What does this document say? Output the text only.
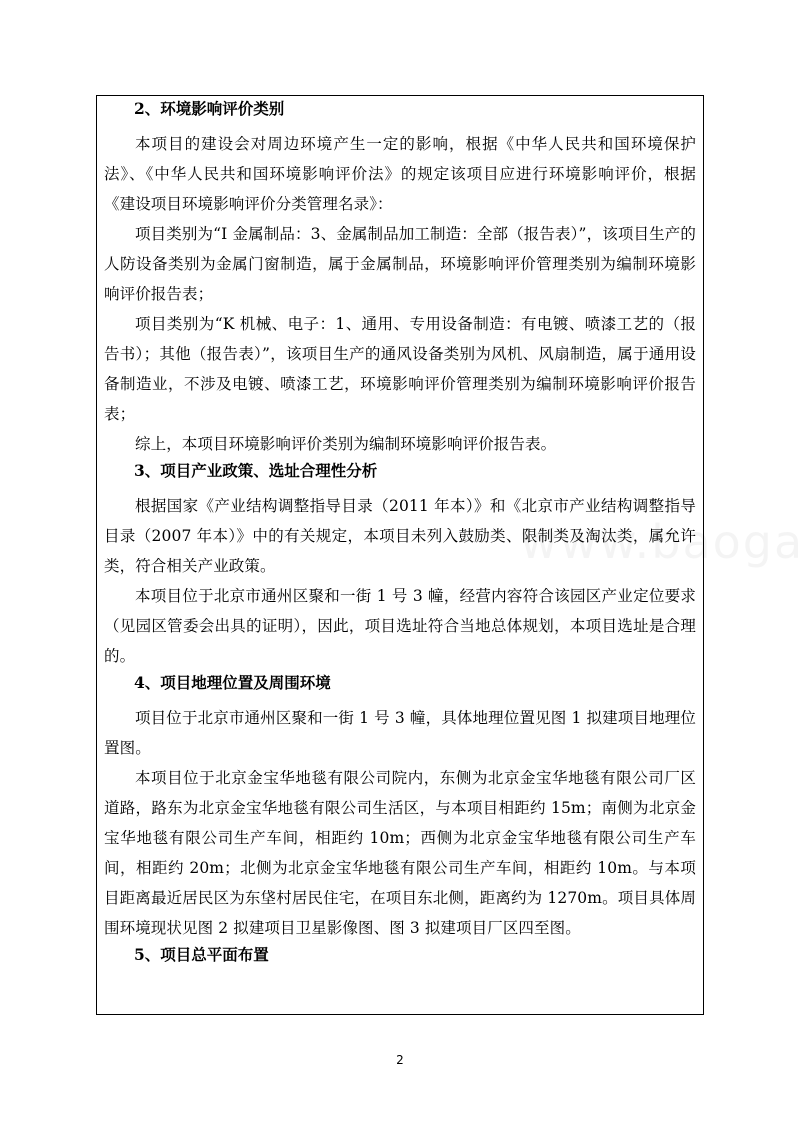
2、环境影响评价类别

本项目的建设会对周边环境产生一定的影响，根据《中华人民共和国环境保护法》、《中华人民共和国环境影响评价法》的规定该项目应进行环境影响评价，根据《建设项目环境影响评价分类管理名录》：

项目类别为“I 金属制品：3、金属制品加工制造：全部（报告表）”，该项目生产的人防设备类别为金属门窗制造，属于金属制品，环境影响评价管理类别为编制环境影响评价报告表；

项目类别为“K 机械、电子：1、通用、专用设备制造：有电镀、喷漆工艺的（报告书）；其他（报告表）”，该项目生产的通风设备类别为风机、风扇制造，属于通用设备制造业，不涉及电镀、喷漆工艺，环境影响评价管理类别为编制环境影响评价报告表；

综上，本项目环境影响评价类别为编制环境影响评价报告表。

3、项目产业政策、选址合理性分析

根据国家《产业结构调整指导目录（2011 年本）》和《北京市产业结构调整指导目录（2007 年本）》中的有关规定，本项目未列入鼓励类、限制类及淘汰类，属允许类，符合相关产业政策。

本项目位于北京市通州区聚和一街 1 号 3 幢，经营内容符合该园区产业定位要求（见园区管委会出具的证明），因此，项目选址符合当地总体规划，本项目选址是合理的。

4、项目地理位置及周围环境

项目位于北京市通州区聚和一街 1 号 3 幢，具体地理位置见图 1 拟建项目地理位置图。

本项目位于北京金宝华地毯有限公司院内，东侧为北京金宝华地毯有限公司厂区道路，路东为北京金宝华地毯有限公司生活区，与本项目相距约 15m；南侧为北京金宝华地毯有限公司生产车间，相距约 10m；西侧为北京金宝华地毯有限公司生产车间，相距约 20m；北侧为北京金宝华地毯有限公司生产车间，相距约 10m。与本项目距离最近居民区为东垡村居民住宅，在项目东北侧，距离约为 1270m。项目具体周围环境现状见图 2 拟建项目卫星影像图、图 3 拟建项目厂区四至图。

5、项目总平面布置
2
